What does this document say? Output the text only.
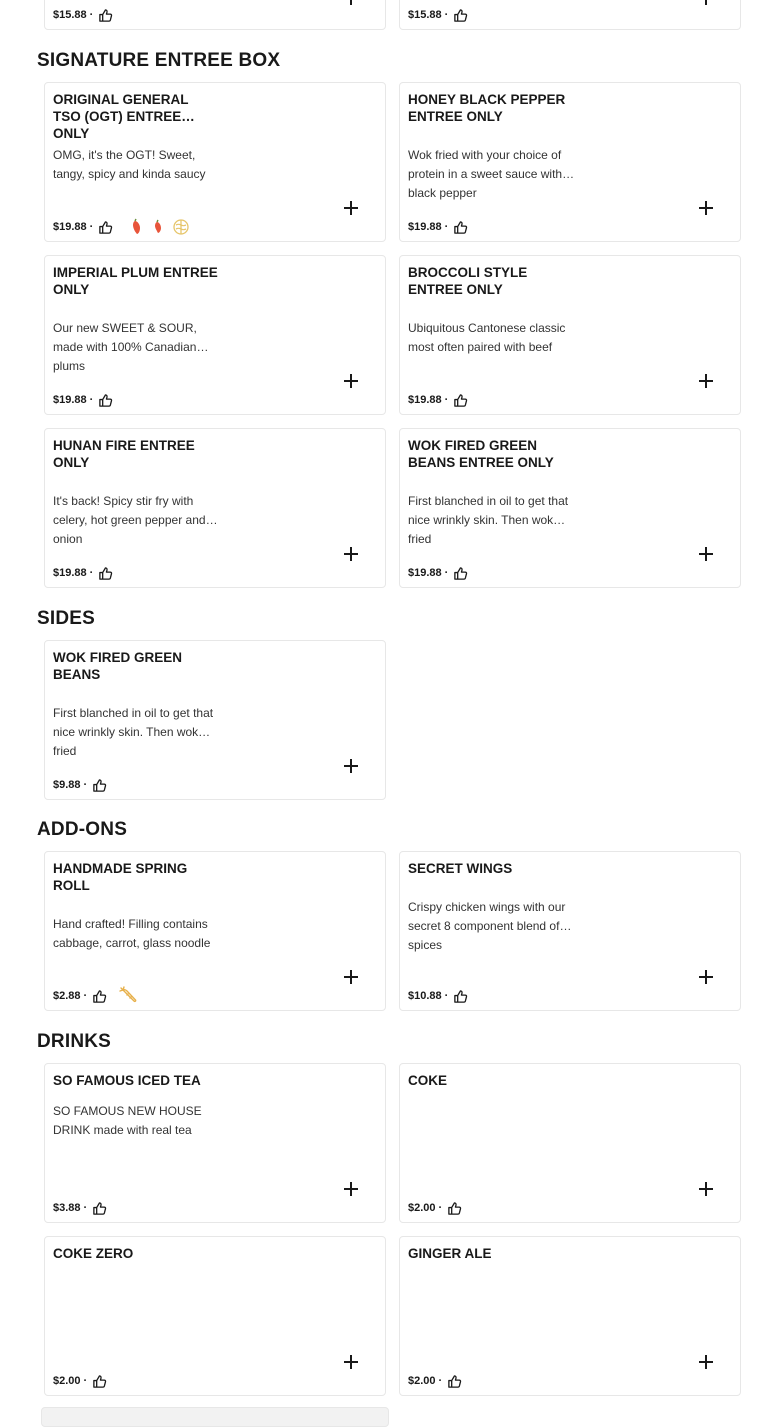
$15.88 ·	$15.88 ·
SIGNATURE ENTREE BOX
ORIGINAL GENERAL TSO (OGT) ENTREE ONLY
OMG, it's the OGT! Sweet, tangy, spicy and kinda saucy
$19.88 ·
HONEY BLACK PEPPER ENTREE ONLY
Wok fried with your choice of protein in a sweet sauce with black pepper
$19.88 ·
IMPERIAL PLUM ENTREE ONLY
Our new SWEET & SOUR, made with 100% Canadian plums
$19.88 ·
BROCCOLI STYLE ENTREE ONLY
Ubiquitous Cantonese classic most often paired with beef
$19.88 ·
HUNAN FIRE ENTREE ONLY
It's back! Spicy stir fry with celery, hot green pepper and onion
$19.88 ·
WOK FIRED GREEN BEANS ENTREE ONLY
First blanched in oil to get that nice wrinkly skin. Then wok fried
$19.88 ·
SIDES
WOK FIRED GREEN BEANS
First blanched in oil to get that nice wrinkly skin. Then wok fried
$9.88 ·
ADD-ONS
HANDMADE SPRING ROLL
Hand crafted! Filling contains cabbage, carrot, glass noodle
$2.88 ·
SECRET WINGS
Crispy chicken wings with our secret 8 component blend of spices
$10.88 ·
DRINKS
SO FAMOUS ICED TEA
SO FAMOUS NEW HOUSE DRINK made with real tea
$3.88 ·
COKE
$2.00 ·
COKE ZERO
$2.00 ·
GINGER ALE
$2.00 ·
